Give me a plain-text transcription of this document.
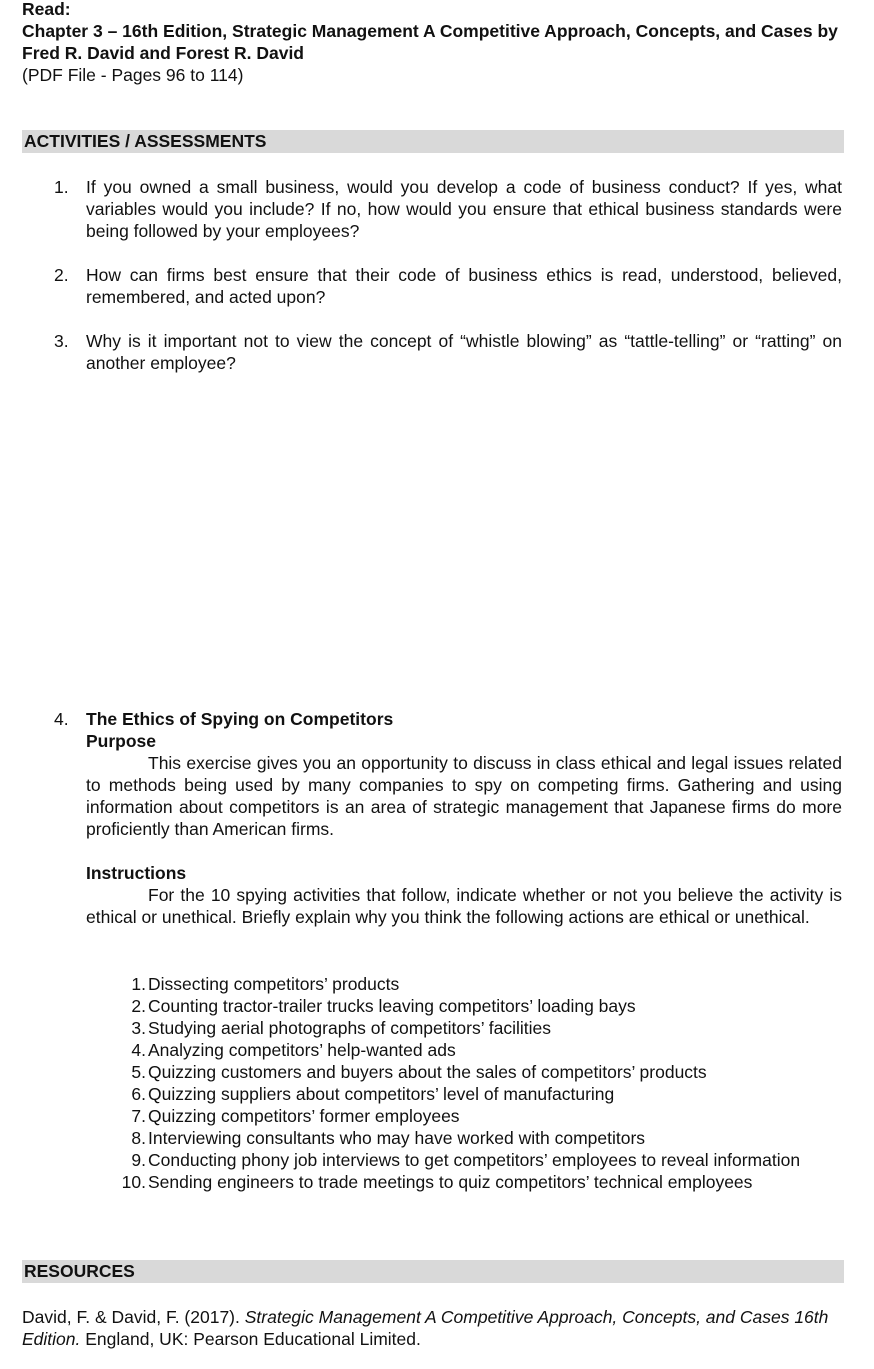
Read:
Chapter 3 – 16th Edition, Strategic Management A Competitive Approach, Concepts, and Cases by Fred R. David and Forest R. David
(PDF File - Pages 96 to 114)
ACTIVITIES / ASSESSMENTS
1. If you owned a small business, would you develop a code of business conduct? If yes, what variables would you include? If no, how would you ensure that ethical business standards were being followed by your employees?
2. How can firms best ensure that their code of business ethics is read, understood, believed, remembered, and acted upon?
3. Why is it important not to view the concept of “whistle blowing” as “tattle-telling” or “ratting” on another employee?
4. The Ethics of Spying on Competitors
Purpose

This exercise gives you an opportunity to discuss in class ethical and legal issues related to methods being used by many companies to spy on competing firms. Gathering and using information about competitors is an area of strategic management that Japanese firms do more proficiently than American firms.

Instructions

For the 10 spying activities that follow, indicate whether or not you believe the activity is ethical or unethical. Briefly explain why you think the following actions are ethical or unethical.

1. Dissecting competitors’ products
2. Counting tractor-trailer trucks leaving competitors’ loading bays
3. Studying aerial photographs of competitors’ facilities
4. Analyzing competitors’ help-wanted ads
5. Quizzing customers and buyers about the sales of competitors’ products
6. Quizzing suppliers about competitors’ level of manufacturing
7. Quizzing competitors’ former employees
8. Interviewing consultants who may have worked with competitors
9. Conducting phony job interviews to get competitors’ employees to reveal information
10. Sending engineers to trade meetings to quiz competitors’ technical employees
RESOURCES
David, F. & David, F. (2017). Strategic Management A Competitive Approach, Concepts, and Cases 16th Edition. England, UK: Pearson Educational Limited.
